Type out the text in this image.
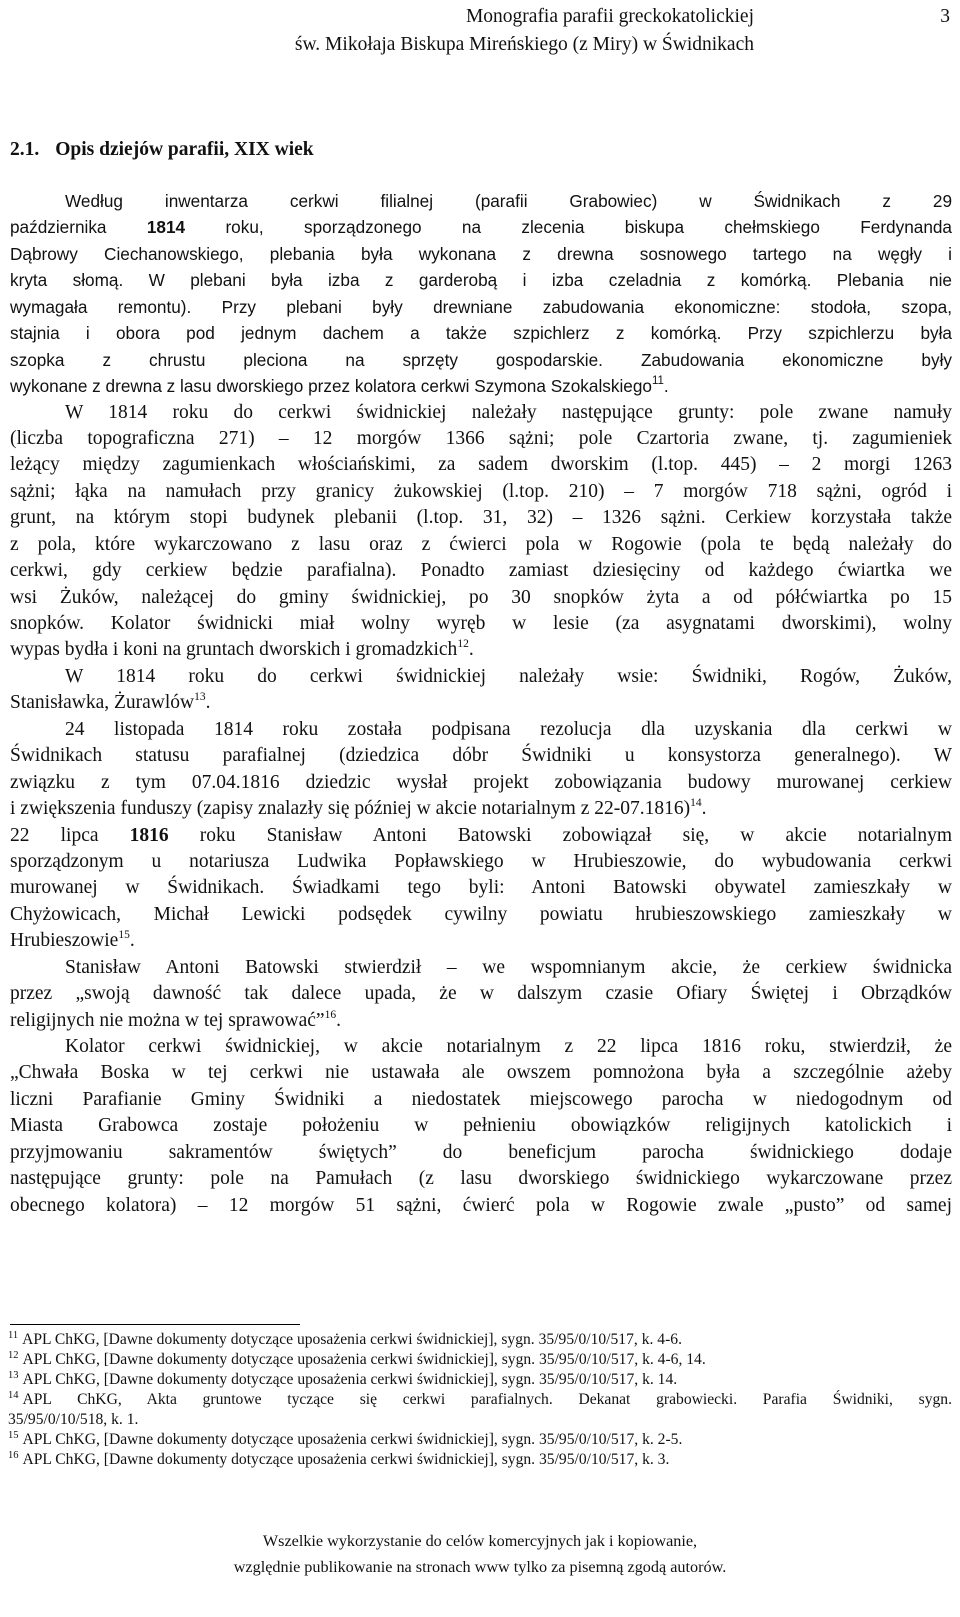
Monografia parafii greckokatolickiej
św. Mikołaja Biskupa Mireńskiego (z Miry) w Świdnikach
3
2.1. Opis dziejów parafii, XIX wiek
Według inwentarza cerkwi filialnej (parafii Grabowiec) w Świdnikach z 29
października 1814 roku, sporządzonego na zlecenia biskupa chełmskiego Ferdynanda
Dąbrowy Ciechanowskiego, plebania była wykonana z drewna sosnowego tartego na węgły i
kryta słomą. W plebani była izba z garderobą i izba czeladnia z komórką. Plebania nie
wymagała remontu). Przy plebani były drewniane zabudowania ekonomiczne: stodoła, szopa,
stajnia i obora pod jednym dachem a także szpichlerz z komórką. Przy szpichlerzu była
szopka z chrustu pleciona na sprzęty gospodarskie. Zabudowania ekonomiczne były
wykonane z drewna z lasu dworskiego przez kolatora cerkwi Szymona Szokalskiego$^{11}$.
W 1814 roku do cerkwi świdnickiej należały następujące grunty: pole zwane namuły
(liczba topograficzna 271) – 12 morgów 1366 sążni; pole Czartoria zwane, tj. zagumieniek
leżący między zagumienkach włościańskimi, za sadem dworskim (l.top. 445) – 2 morgi 1263
sążni; łąka na namułach przy granicy żukowskiej (l.top. 210) – 7 morgów 718 sążni, ogród i
grunt, na którym stopi budynek plebanii (l.top. 31, 32) – 1326 sążni. Cerkiew korzystała także
z pola, które wykarczowano z lasu oraz z ćwierci pola w Rogowie (pola te będą należały do
cerkwi, gdy cerkiew będzie parafialna). Ponadto zamiast dziesięciny od każdego ćwiartka we
wsi Żuków, należącej do gminy świdnickiej, po 30 snopków żyta a od półćwiartka po 15
snopków. Kolator świdnicki miał wolny wyręb w lesie (za asygnatami dworskimi), wolny
wypas bydła i koni na gruntach dworskich i gromadzkich$^{12}$.
W 1814 roku do cerkwi świdnickiej należały wsie: Świdniki, Rogów, Żuków,
Stanisławka, Żurawlów$^{13}$.
24 listopada 1814 roku została podpisana rezolucja dla uzyskania dla cerkwi w
Świdnikach statusu parafialnej (dziedzica dóbr Świdniki u konsystorza generalnego). W
związku z tym 07.04.1816 dziedzic wysłał projekt zobowiązania budowy murowanej cerkiew
i zwiększenia funduszy (zapisy znalazły się później w akcie notarialnym z 22-07.1816)$^{14}$.
22 lipca 1816 roku Stanisław Antoni Batowski zobowiązał się, w akcie notarialnym
sporządzonym u notariusza Ludwika Popławskiego w Hrubieszowie, do wybudowania cerkwi
murowanej w Świdnikach. Świadkami tego byli: Antoni Batowski obywatel zamieszkały w
Chyżowicach, Michał Lewicki podsędek cywilny powiatu hrubieszowskiego zamieszkały w
Hrubieszowie$^{15}$.
Stanisław Antoni Batowski stwierdził – we wspomnianym akcie, że cerkiew świdnicka
przez „swoją dawność tak dalece upada, że w dalszym czasie Ofiary Świętej i Obrządków
religijnych nie można w tej sprawować”$^{16}$.
Kolator cerkwi świdnickiej, w akcie notarialnym z 22 lipca 1816 roku, stwierdził, że
„Chwała Boska w tej cerkwi nie ustawała ale owszem pomnożona była a szczególnie ażeby
liczni Parafianie Gminy Świdniki a niedostatek miejscowego parocha w niedogodnym od
Miasta Grabowca zostaje położeniu w pełnieniu obowiązków religijnych katolickich i
przyjmowaniu sakramentów świętych” do beneficjum parocha świdnickiego dodaje
następujące grunty: pole na Pamułach (z lasu dworskiego świdnickiego wykarczowane przez
obecnego kolatora) – 12 morgów 51 sążni, ćwierć pola w Rogowie zwale „pusto” od samej
$^{11}$ APL ChKG, [Dawne dokumenty dotyczące uposażenia cerkwi świdnickiej], sygn. 35/95/0/10/517, k. 4-6.
$^{12}$ APL ChKG, [Dawne dokumenty dotyczące uposażenia cerkwi świdnickiej], sygn. 35/95/0/10/517, k. 4-6, 14.
$^{13}$ APL ChKG, [Dawne dokumenty dotyczące uposażenia cerkwi świdnickiej], sygn. 35/95/0/10/517, k. 14.
$^{14}$ APL ChKG, Akta gruntowe tyczące się cerkwi parafialnych. Dekanat grabowiecki. Parafia Świdniki, sygn.
35/95/0/10/518, k. 1.
$^{15}$ APL ChKG, [Dawne dokumenty dotyczące uposażenia cerkwi świdnickiej], sygn. 35/95/0/10/517, k. 2-5.
$^{16}$ APL ChKG, [Dawne dokumenty dotyczące uposażenia cerkwi świdnickiej], sygn. 35/95/0/10/517, k. 3.
Wszelkie wykorzystanie do celów komercyjnych jak i kopiowanie,
względnie publikowanie na stronach www tylko za pisemną zgodą autorów.
